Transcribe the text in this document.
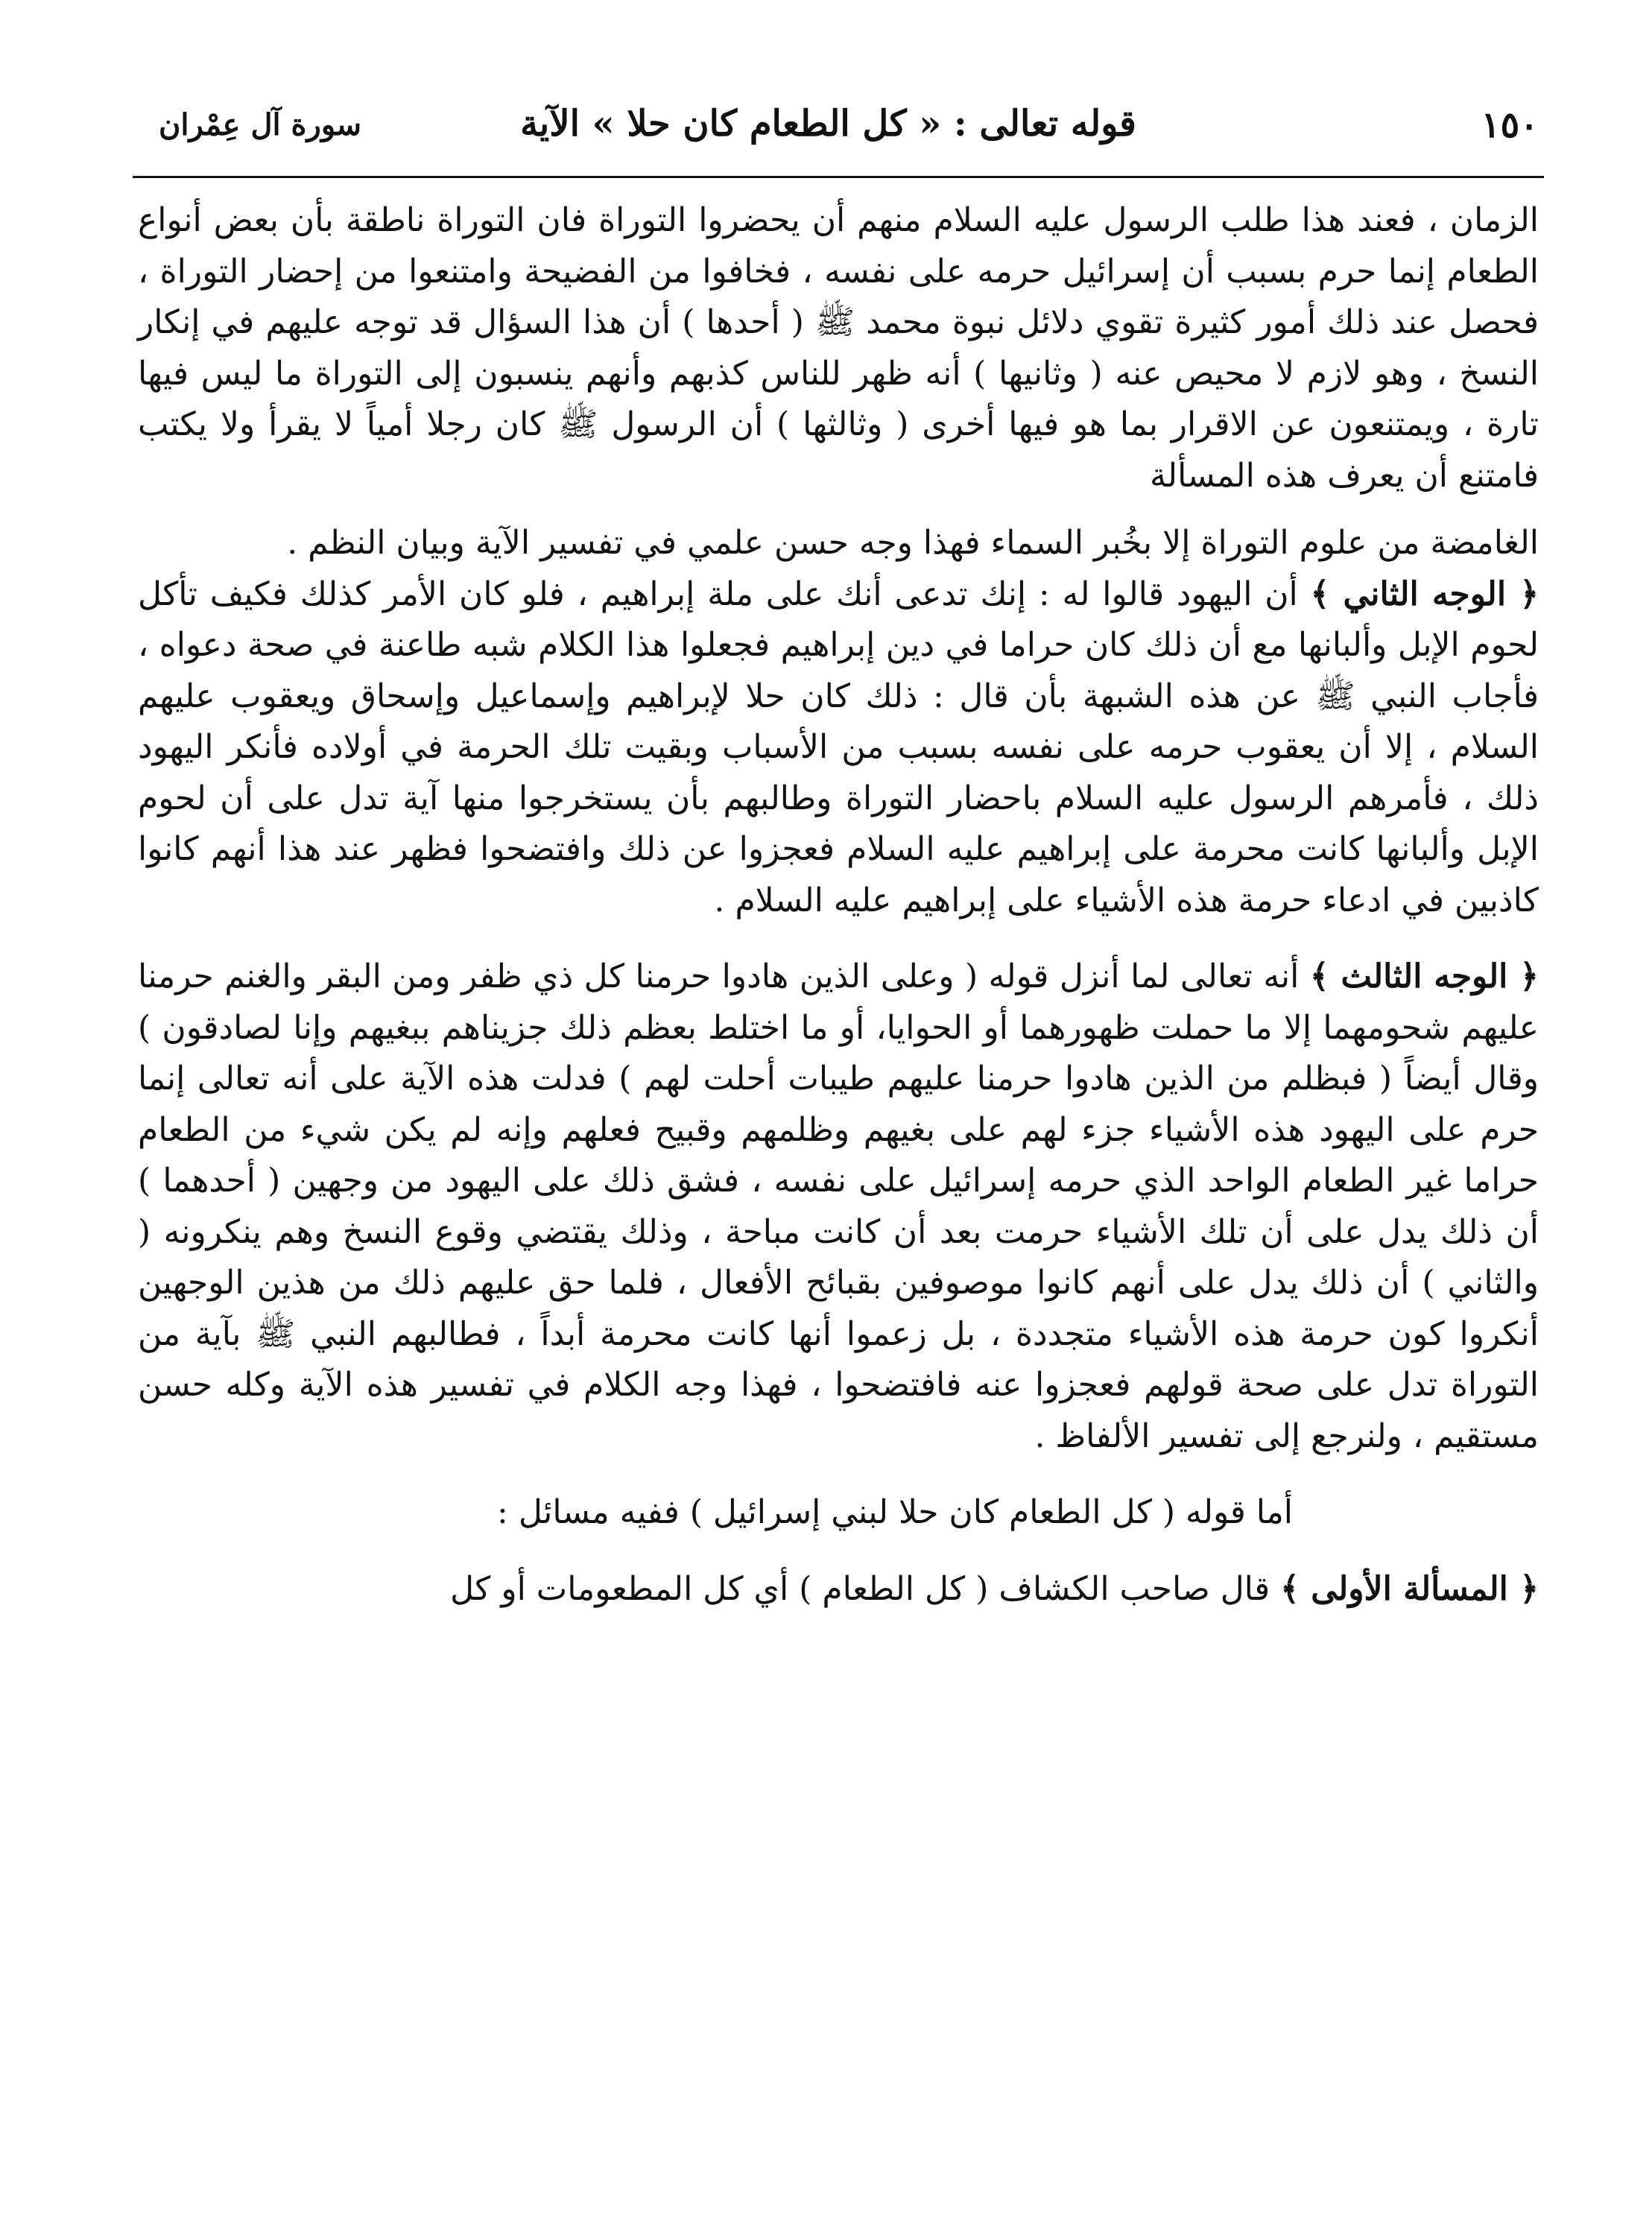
١٥٠
قوله تعالى : « كل الطعام كان حلا » الآية
سورة آل عِمْران

الزمان ، فعند هذا طلب الرسول عليه السلام منهم أن يحضروا التوراة فان التوراة ناطقة بأن بعض أنواع الطعام إنما حرم بسبب أن إسرائيل حرمه على نفسه ، فخافوا من الفضيحة وامتنعوا من إحضار التوراة ، فحصل عند ذلك أمور كثيرة تقوي دلائل نبوة محمد ﷺ ( أحدها ) أن هذا السؤال قد توجه عليهم في إنكار النسخ ، وهو لازم لا محيص عنه ( وثانيها ) أنه ظهر للناس كذبهم وأنهم ينسبون إلى التوراة ما ليس فيها تارة ، ويمتنعون عن الاقرار بما هو فيها أخرى ( وثالثها ) أن الرسول ﷺ كان رجلا أمياً لا يقرأ ولا يكتب فامتنع أن يعرف هذه المسألة

الغامضة من علوم التوراة إلا بخُبر السماء فهذا وجه حسن علمي في تفسير الآية وبيان النظم .

﴿ الوجه الثاني ﴾ أن اليهود قالوا له : إنك تدعى أنك على ملة إبراهيم ، فلو كان الأمر كذلك فكيف تأكل لحوم الإبل وألبانها مع أن ذلك كان حراما في دين إبراهيم فجعلوا هذا الكلام شبه طاعنة في صحة دعواه ، فأجاب النبي ﷺ عن هذه الشبهة بأن قال : ذلك كان حلا لإبراهيم وإسماعيل وإسحاق ويعقوب عليهم السلام ، إلا أن يعقوب حرمه على نفسه بسبب من الأسباب وبقيت تلك الحرمة في أولاده فأنكر اليهود ذلك ، فأمرهم الرسول عليه السلام باحضار التوراة وطالبهم بأن يستخرجوا منها آية تدل على أن لحوم الإبل وألبانها كانت محرمة على إبراهيم عليه السلام فعجزوا عن ذلك وافتضحوا فظهر عند هذا أنهم كانوا كاذبين في ادعاء حرمة هذه الأشياء على إبراهيم عليه السلام .

﴿ الوجه الثالث ﴾ أنه تعالى لما أنزل قوله ( وعلى الذين هادوا حرمنا كل ذي ظفر ومن البقر والغنم حرمنا عليهم شحومهما إلا ما حملت ظهورهما أو الحوايا، أو ما اختلط بعظم ذلك جزيناهم ببغيهم وإنا لصادقون ) وقال أيضاً ( فبظلم من الذين هادوا حرمنا عليهم طيبات أحلت لهم ) فدلت هذه الآية على أنه تعالى إنما حرم على اليهود هذه الأشياء جزء لهم على بغيهم وظلمهم وقبيح فعلهم وإنه لم يكن شيء من الطعام حراما غير الطعام الواحد الذي حرمه إسرائيل على نفسه ، فشق ذلك على اليهود من وجهين ( أحدهما ) أن ذلك يدل على أن تلك الأشياء حرمت بعد أن كانت مباحة ، وذلك يقتضي وقوع النسخ وهم ينكرونه ( والثاني ) أن ذلك يدل على أنهم كانوا موصوفين بقبائح الأفعال ، فلما حق عليهم ذلك من هذين الوجهين أنكروا كون حرمة هذه الأشياء متجددة ، بل زعموا أنها كانت محرمة أبداً ، فطالبهم النبي ﷺ بآية من التوراة تدل على صحة قولهم فعجزوا عنه فافتضحوا ، فهذا وجه الكلام في تفسير هذه الآية وكله حسن مستقيم ، ولنرجع إلى تفسير الألفاظ .

أما قوله ( كل الطعام كان حلا لبني إسرائيل ) ففيه مسائل :

﴿ المسألة الأولى ﴾ قال صاحب الكشاف ( كل الطعام ) أي كل المطعومات أو كل
